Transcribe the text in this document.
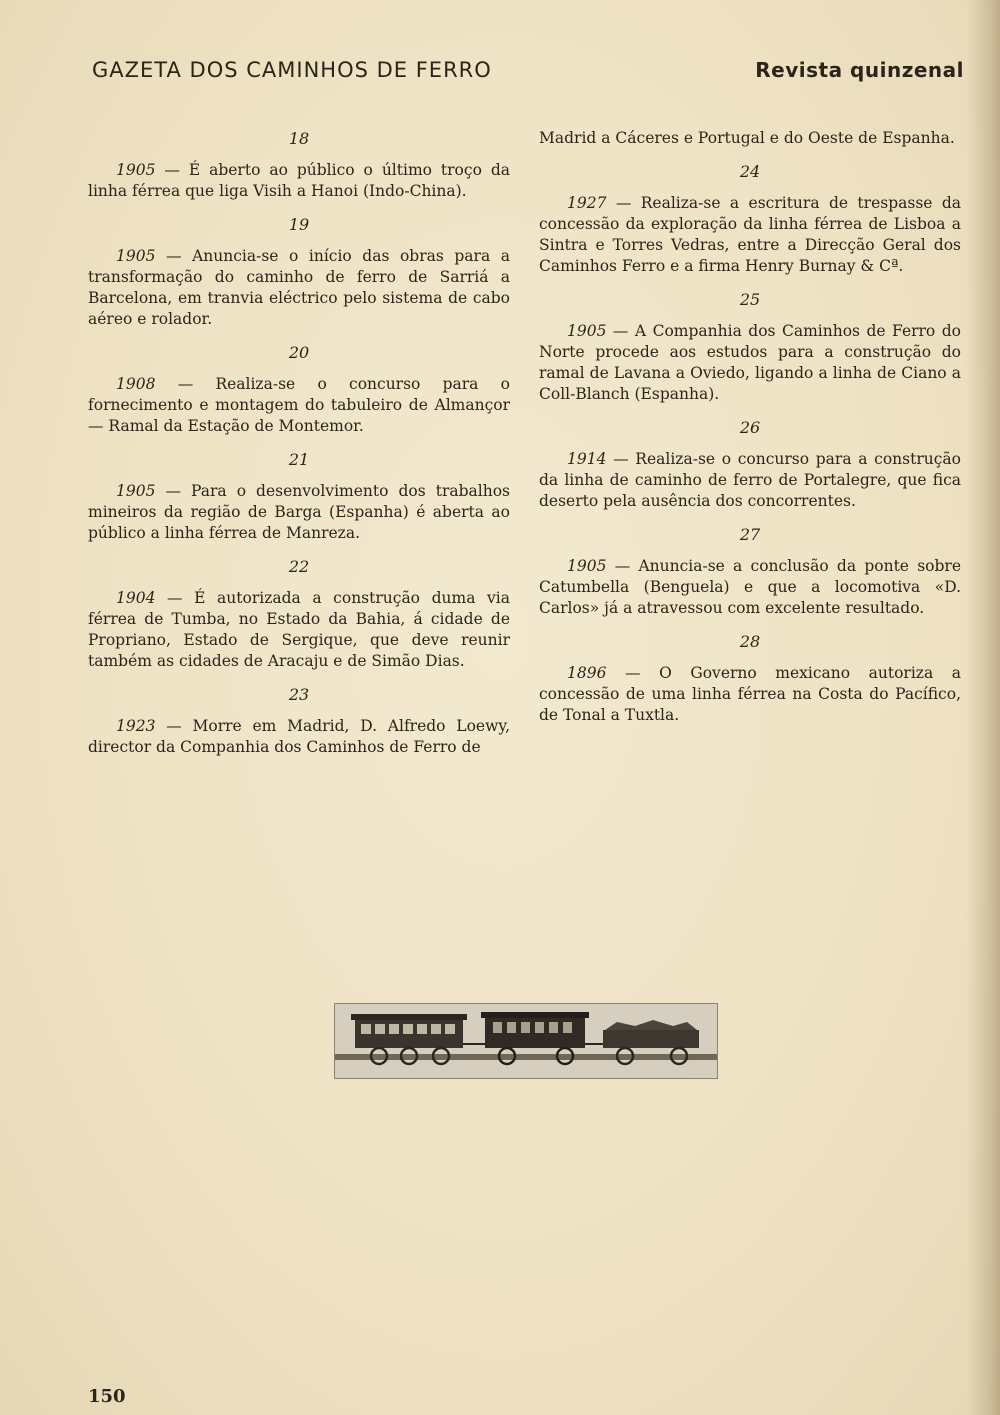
GAZETA DOS CAMINHOS DE FERRO	Revista quinzenal
18

1905 — É aberto ao público o último troço da linha férrea que liga Visih a Hanoi (Indo-China).

19

1905 — Anuncia-se o início das obras para a transformação do caminho de ferro de Sarriá a Barcelona, em tranvia eléctrico pelo sistema de cabo aéreo e rolador.

20

1908 — Realiza-se o concurso para o fornecimento e montagem do tabuleiro de Almançor — Ramal da Estação de Montemor.

21

1905 — Para o desenvolvimento dos trabalhos mineiros da região de Barga (Espanha) é aberta ao público a linha férrea de Manreza.

22

1904 — É autorizada a construção duma via férrea de Tumba, no Estado da Bahia, á cidade de Propriano, Estado de Sergique, que deve reunir também as cidades de Aracaju e de Simão Dias.

23

1923 — Morre em Madrid, D. Alfredo Loewy, director da Companhia dos Caminhos de Ferro de

Madrid a Cáceres e Portugal e do Oeste de Espanha.

24

1927 — Realiza-se a escritura de trespasse da concessão da exploração da linha férrea de Lisboa a Sintra e Torres Vedras, entre a Direcção Geral dos Caminhos Ferro e a firma Henry Burnay & Cª.

25

1905 — A Companhia dos Caminhos de Ferro do Norte procede aos estudos para a construção do ramal de Lavana a Oviedo, ligando a linha de Ciano a Coll-Blanch (Espanha).

26

1914 — Realiza-se o concurso para a construção da linha de caminho de ferro de Portalegre, que fica deserto pela ausência dos concorrentes.

27

1905 — Anuncia-se a conclusão da ponte sobre Catumbella (Benguela) e que a locomotiva «D. Carlos» já a atravessou com excelente resultado.

28

1896 — O Governo mexicano autoriza a concessão de uma linha férrea na Costa do Pacífico, de Tonal a Tuxtla.

150
